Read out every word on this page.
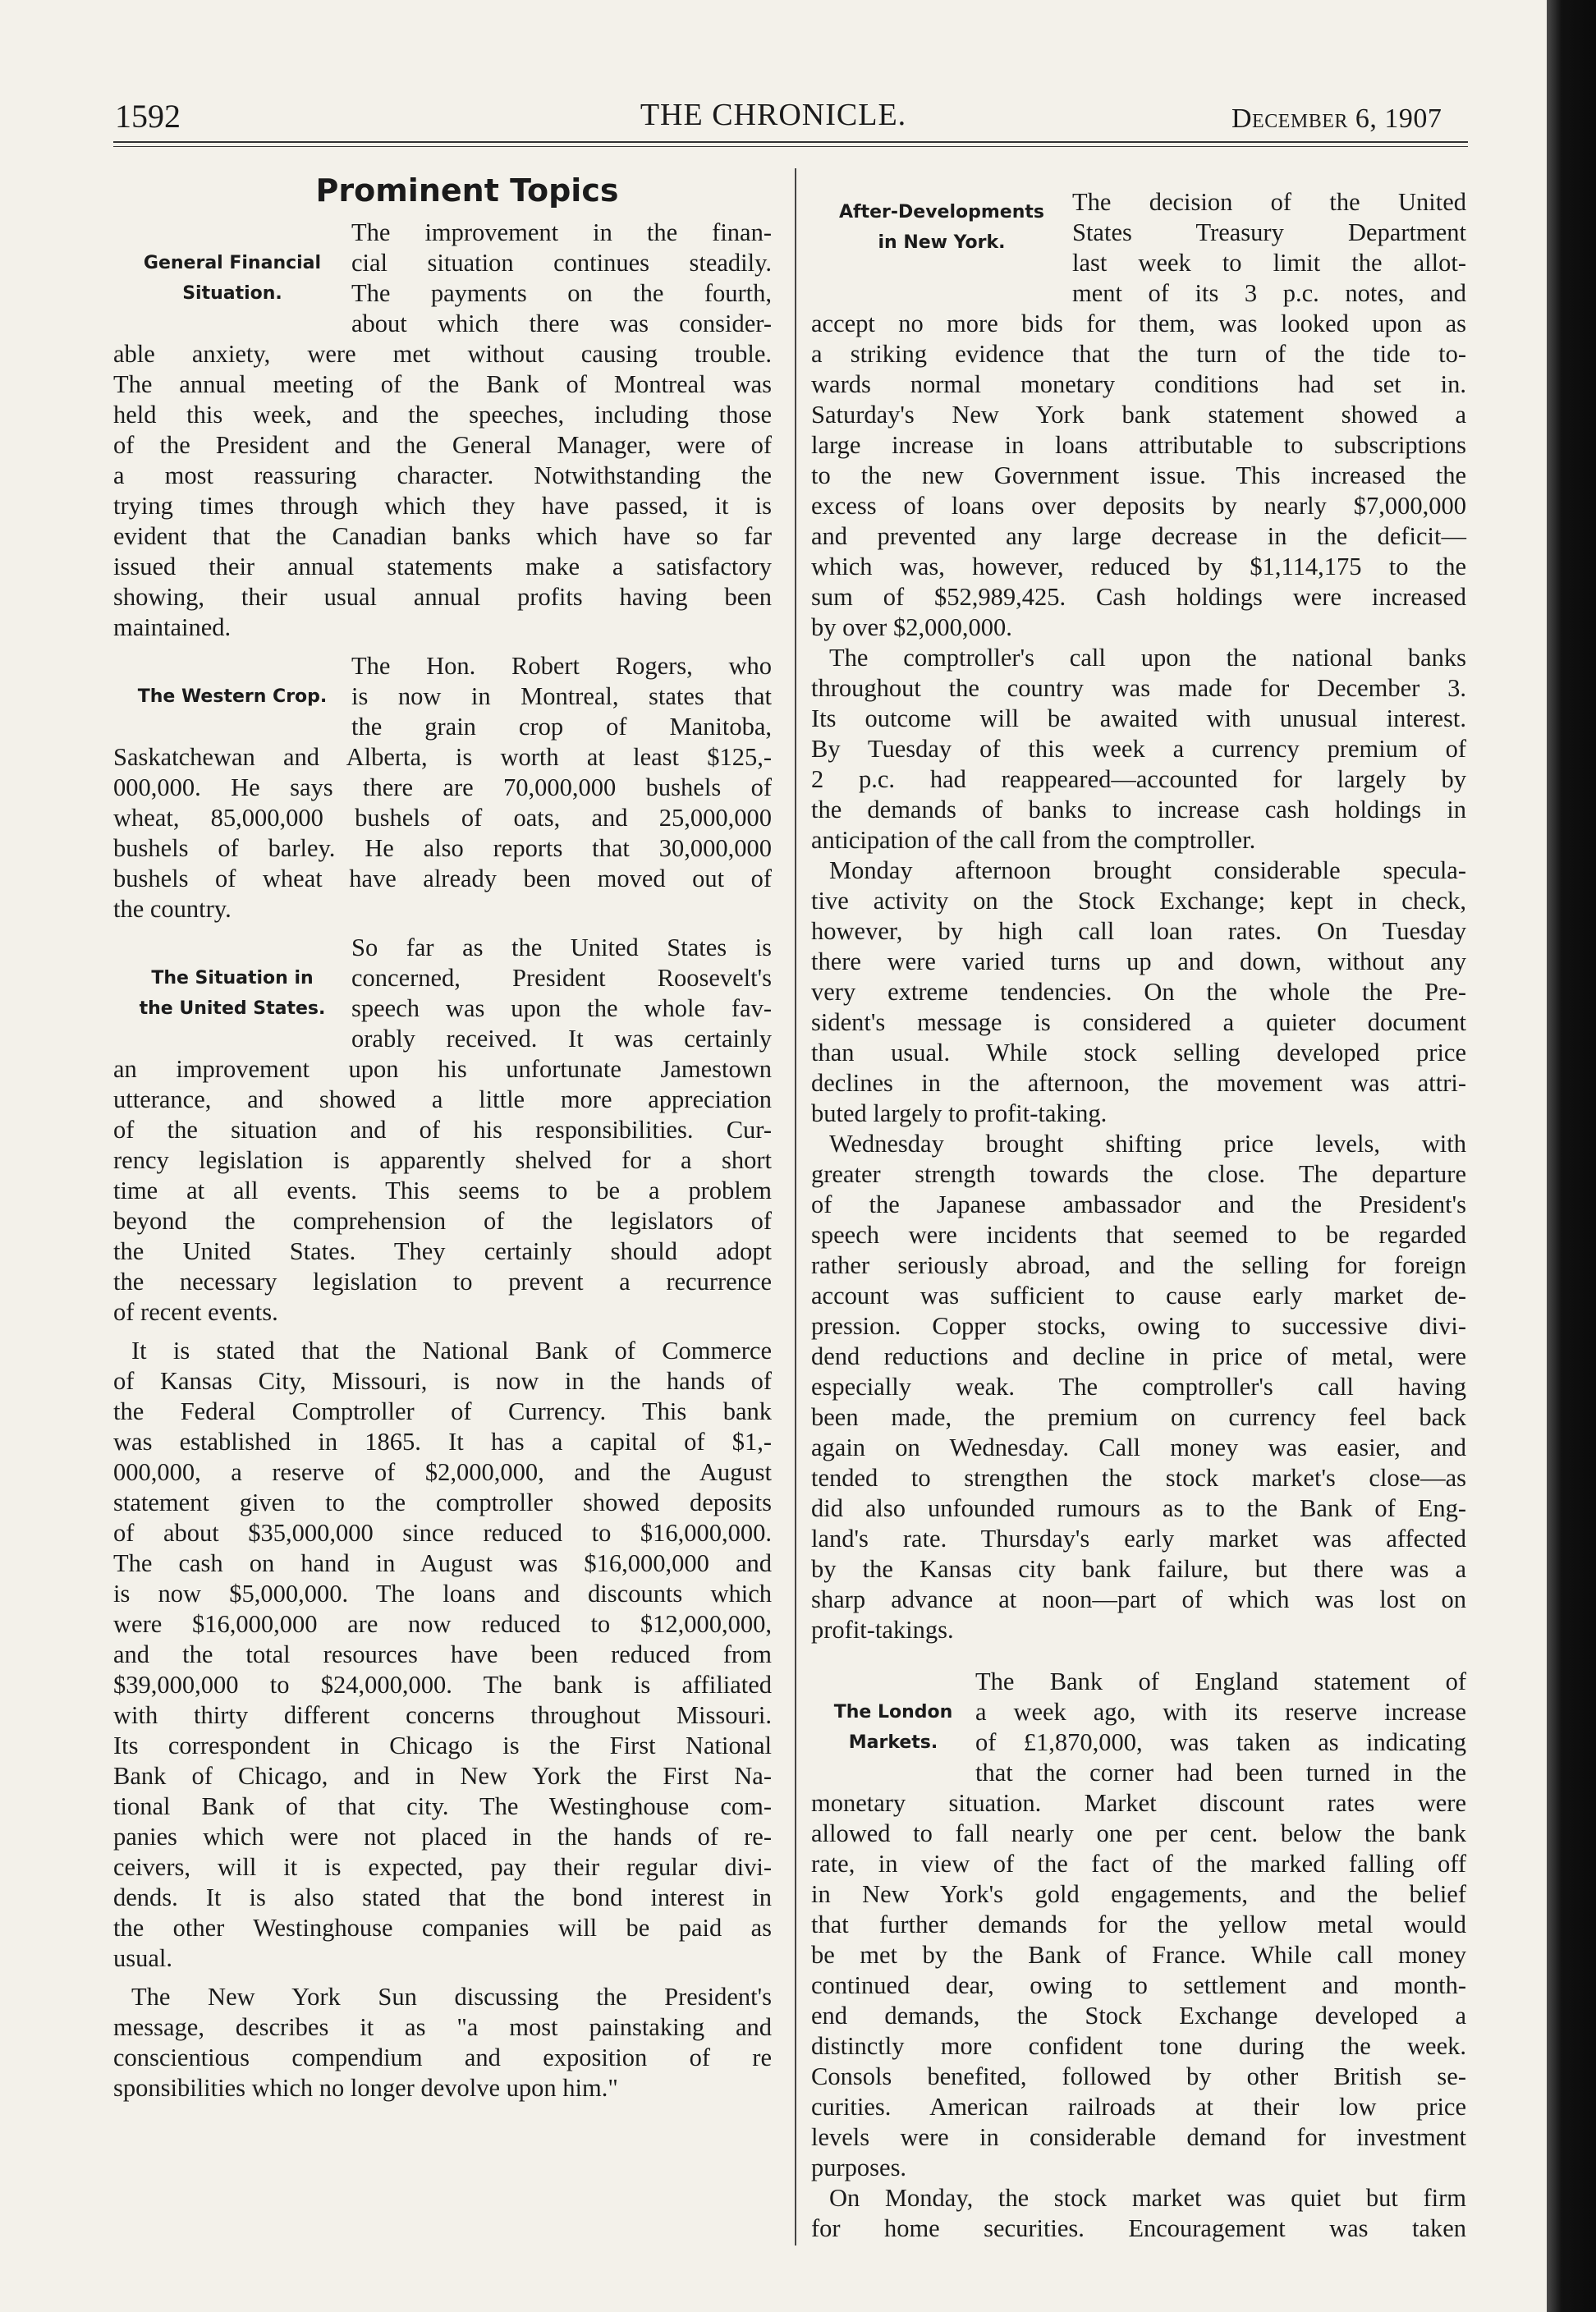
1592	THE CHRONICLE.	December 6, 1907
Prominent Topics
General Financial
Situation.
The improvement in the finan-
cial situation continues steadily.
The payments on the fourth,
about which there was consider-
able anxiety, were met without causing trouble.
The annual meeting of the Bank of Montreal was
held this week, and the speeches, including those
of the President and the General Manager, were of
a most reassuring character. Notwithstanding the
trying times through which they have passed, it is
evident that the Canadian banks which have so far
issued their annual statements make a satisfactory
showing, their usual annual profits having been
maintained.
The Western Crop.
The Hon. Robert Rogers, who
is now in Montreal, states that
the grain crop of Manitoba,
Saskatchewan and Alberta, is worth at least $125,-
000,000. He says there are 70,000,000 bushels of
wheat, 85,000,000 bushels of oats, and 25,000,000
bushels of barley. He also reports that 30,000,000
bushels of wheat have already been moved out of
the country.
The Situation in
the United States.
So far as the United States is
concerned, President Roosevelt's
speech was upon the whole fav-
orably received. It was certainly
an improvement upon his unfortunate Jamestown
utterance, and showed a little more appreciation
of the situation and of his responsibilities. Cur-
rency legislation is apparently shelved for a short
time at all events. This seems to be a problem
beyond the comprehension of the legislators of
the United States. They certainly should adopt
the necessary legislation to prevent a recurrence
of recent events.
It is stated that the National Bank of Commerce
of Kansas City, Missouri, is now in the hands of
the Federal Comptroller of Currency. This bank
was established in 1865. It has a capital of $1,-
000,000, a reserve of $2,000,000, and the August
statement given to the comptroller showed deposits
of about $35,000,000 since reduced to $16,000,000.
The cash on hand in August was $16,000,000 and
is now $5,000,000. The loans and discounts which
were $16,000,000 are now reduced to $12,000,000,
and the total resources have been reduced from
$39,000,000 to $24,000,000. The bank is affiliated
with thirty different concerns throughout Missouri.
Its correspondent in Chicago is the First National
Bank of Chicago, and in New York the First Na-
tional Bank of that city. The Westinghouse com-
panies which were not placed in the hands of re-
ceivers, will it is expected, pay their regular divi-
dends. It is also stated that the bond interest in
the other Westinghouse companies will be paid as
usual.
The New York Sun discussing the President's
message, describes it as "a most painstaking and
conscientious compendium and exposition of re
sponsibilities which no longer devolve upon him."
After-Developments
in New York.
The decision of the United
States Treasury Department
last week to limit the allot-
ment of its 3 p.c. notes, and
accept no more bids for them, was looked upon as
a striking evidence that the turn of the tide to-
wards normal monetary conditions had set in.
Saturday's New York bank statement showed a
large increase in loans attributable to subscriptions
to the new Government issue. This increased the
excess of loans over deposits by nearly $7,000,000
and prevented any large decrease in the deficit—
which was, however, reduced by $1,114,175 to the
sum of $52,989,425. Cash holdings were increased
by over $2,000,000.
The comptroller's call upon the national banks
throughout the country was made for December 3.
Its outcome will be awaited with unusual interest.
By Tuesday of this week a currency premium of
2 p.c. had reappeared—accounted for largely by
the demands of banks to increase cash holdings in
anticipation of the call from the comptroller.
Monday afternoon brought considerable specula-
tive activity on the Stock Exchange; kept in check,
however, by high call loan rates. On Tuesday
there were varied turns up and down, without any
very extreme tendencies. On the whole the Pre-
sident's message is considered a quieter document
than usual. While stock selling developed price
declines in the afternoon, the movement was attri-
buted largely to profit-taking.
Wednesday brought shifting price levels, with
greater strength towards the close. The departure
of the Japanese ambassador and the President's
speech were incidents that seemed to be regarded
rather seriously abroad, and the selling for foreign
account was sufficient to cause early market de-
pression. Copper stocks, owing to successive divi-
dend reductions and decline in price of metal, were
especially weak. The comptroller's call having
been made, the premium on currency feel back
again on Wednesday. Call money was easier, and
tended to strengthen the stock market's close—as
did also unfounded rumours as to the Bank of Eng-
land's rate. Thursday's early market was affected
by the Kansas city bank failure, but there was a
sharp advance at noon—part of which was lost on
profit-takings.
The London
Markets.
The Bank of England statement of
a week ago, with its reserve increase
of £1,870,000, was taken as indicating
that the corner had been turned in the
monetary situation. Market discount rates were
allowed to fall nearly one per cent. below the bank
rate, in view of the fact of the marked falling off
in New York's gold engagements, and the belief
that further demands for the yellow metal would
be met by the Bank of France. While call money
continued dear, owing to settlement and month-
end demands, the Stock Exchange developed a
distinctly more confident tone during the week.
Consols benefited, followed by other British se-
curities. American railroads at their low price
levels were in considerable demand for investment
purposes.
On Monday, the stock market was quiet but firm
for home securities. Encouragement was taken
